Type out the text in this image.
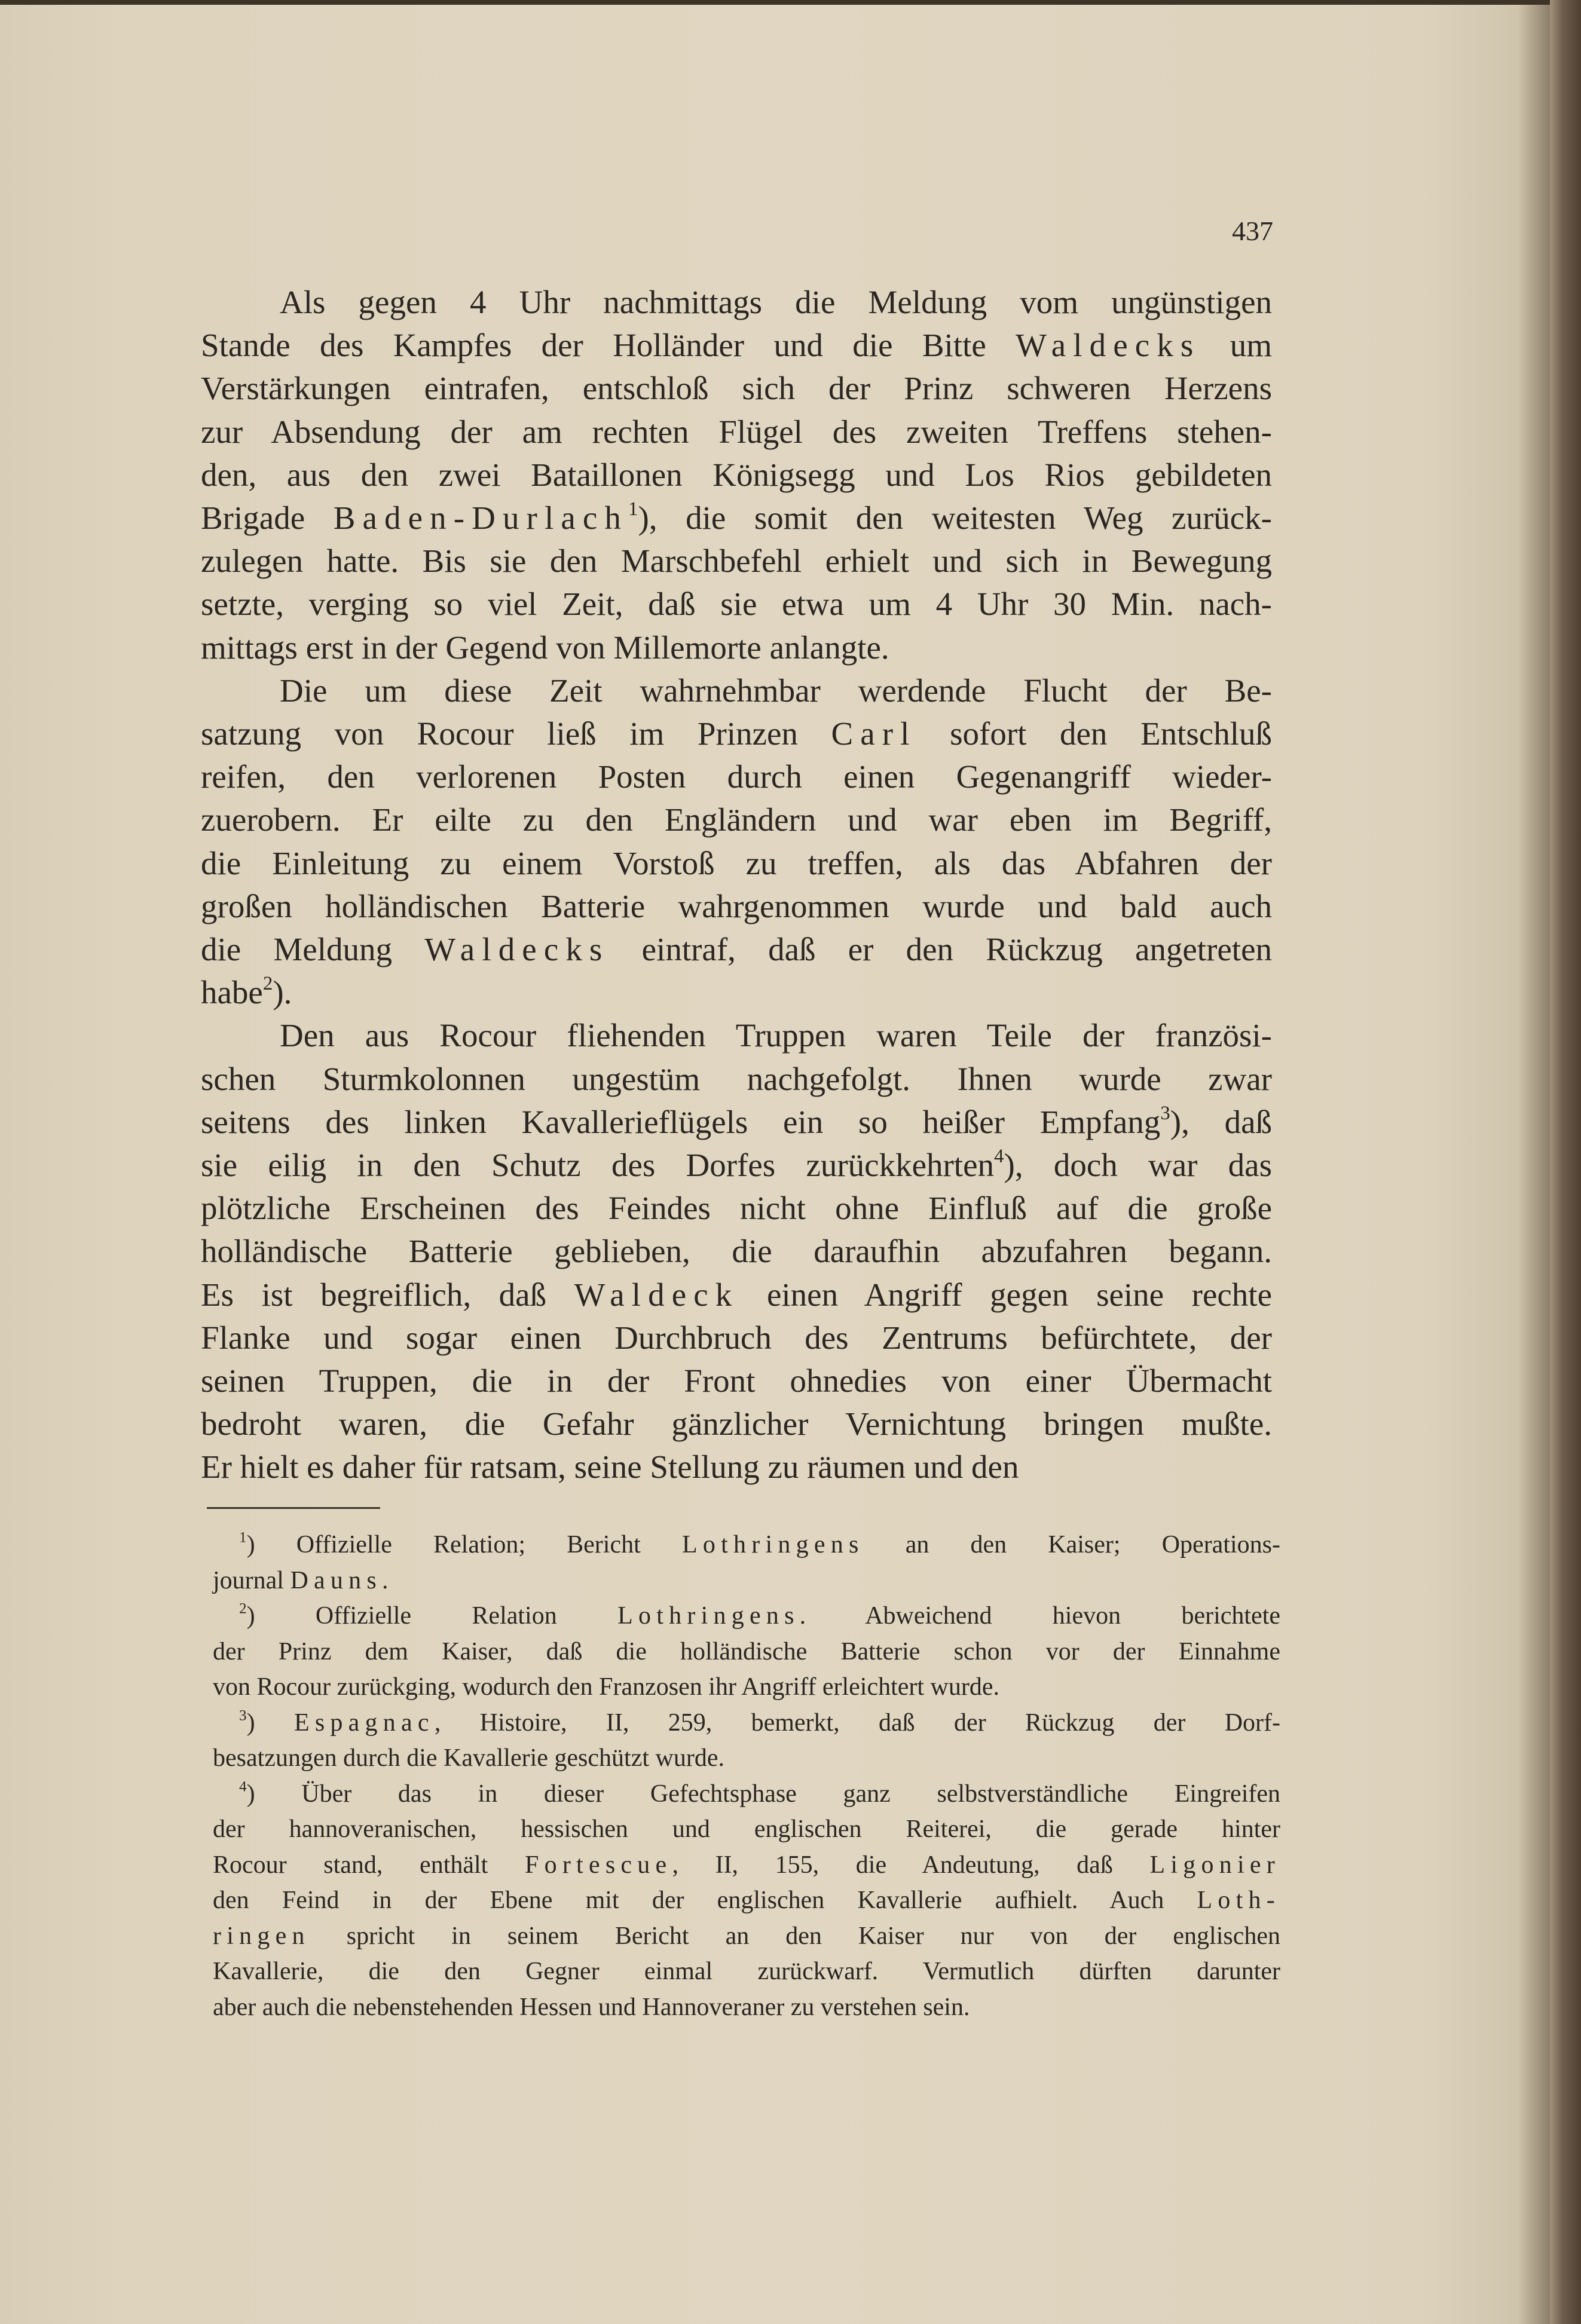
437
Als gegen 4 Uhr nachmittags die Meldung vom ungünstigen
Stande des Kampfes der Holländer und die Bitte Waldecks um
Verstärkungen eintrafen, entschloß sich der Prinz schweren Herzens
zur Absendung der am rechten Flügel des zweiten Treffens stehen-
den, aus den zwei Bataillonen Königsegg und Los Rios gebildeten
Brigade Baden-Durlach$^1$), die somit den weitesten Weg zurück-
zulegen hatte. Bis sie den Marschbefehl erhielt und sich in Bewegung
setzte, verging so viel Zeit, daß sie etwa um 4 Uhr 30 Min. nach-
mittags erst in der Gegend von Millemorte anlangte.
Die um diese Zeit wahrnehmbar werdende Flucht der Be-
satzung von Rocour ließ im Prinzen Carl sofort den Entschluß
reifen, den verlorenen Posten durch einen Gegenangriff wieder-
zuerobern. Er eilte zu den Engländern und war eben im Begriff,
die Einleitung zu einem Vorstoß zu treffen, als das Abfahren der
großen holländischen Batterie wahrgenommen wurde und bald auch
die Meldung Waldecks eintraf, daß er den Rückzug angetreten
habe$^2$).
Den aus Rocour fliehenden Truppen waren Teile der französi-
schen Sturmkolonnen ungestüm nachgefolgt. Ihnen wurde zwar
seitens des linken Kavallerieflügels ein so heißer Empfang$^3$), daß
sie eilig in den Schutz des Dorfes zurückkehrten$^4$), doch war das
plötzliche Erscheinen des Feindes nicht ohne Einfluß auf die große
holländische Batterie geblieben, die daraufhin abzufahren begann.
Es ist begreiflich, daß Waldeck einen Angriff gegen seine rechte
Flanke und sogar einen Durchbruch des Zentrums befürchtete, der
seinen Truppen, die in der Front ohnedies von einer Übermacht
bedroht waren, die Gefahr gänzlicher Vernichtung bringen mußte.
Er hielt es daher für ratsam, seine Stellung zu räumen und den
$^1$) Offizielle Relation; Bericht Lothringens an den Kaiser; Operations-
journal Dauns.
$^2$) Offizielle Relation Lothringens. Abweichend hievon berichtete
der Prinz dem Kaiser, daß die holländische Batterie schon vor der Einnahme
von Rocour zurückging, wodurch den Franzosen ihr Angriff erleichtert wurde.
$^3$) Espagnac, Histoire, II, 259, bemerkt, daß der Rückzug der Dorf-
besatzungen durch die Kavallerie geschützt wurde.
$^4$) Über das in dieser Gefechtsphase ganz selbstverständliche Eingreifen
der hannoveranischen, hessischen und englischen Reiterei, die gerade hinter
Rocour stand, enthält Fortescue, II, 155, die Andeutung, daß Ligonier
den Feind in der Ebene mit der englischen Kavallerie aufhielt. Auch Loth-
ringen spricht in seinem Bericht an den Kaiser nur von der englischen
Kavallerie, die den Gegner einmal zurückwarf. Vermutlich dürften darunter
aber auch die nebenstehenden Hessen und Hannoveraner zu verstehen sein.
